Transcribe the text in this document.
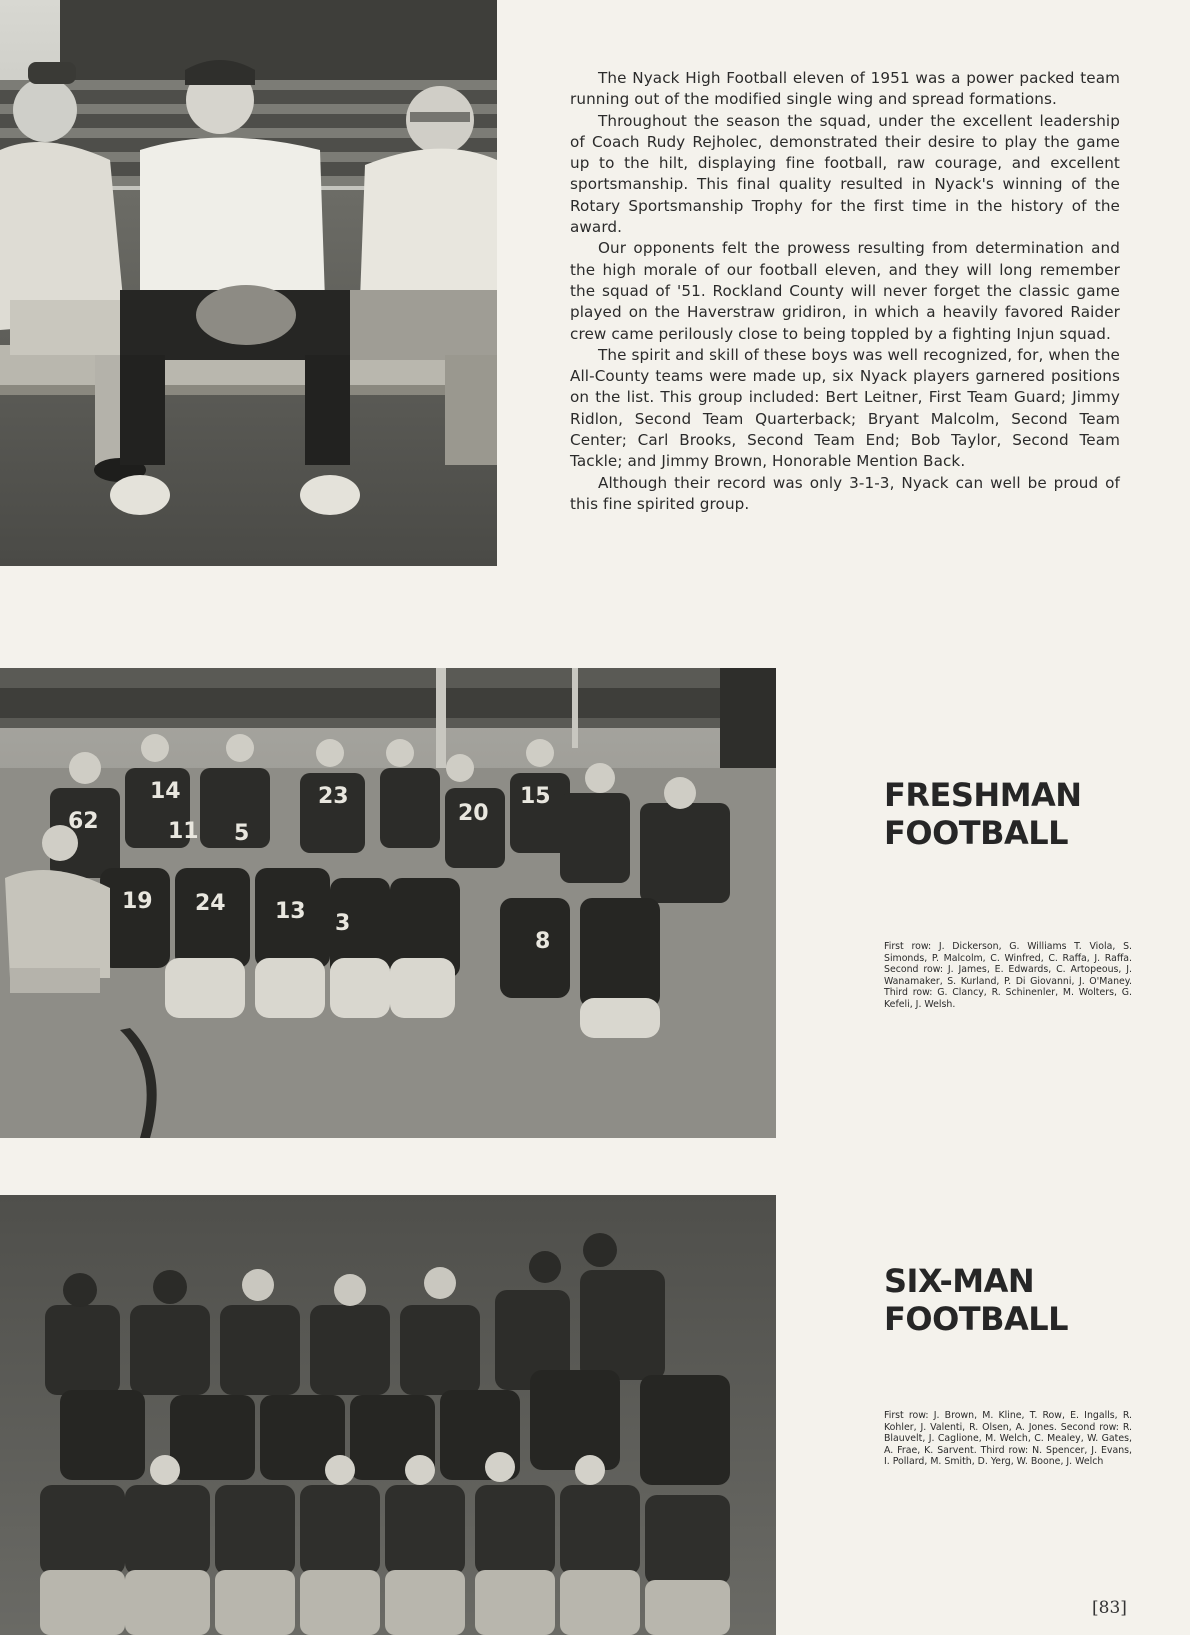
The Nyack High Football eleven of 1951 was a power packed team running out of the modified single wing and spread formations.

Throughout the season the squad, under the excellent leadership of Coach Rudy Rejholec, demonstrated their desire to play the game up to the hilt, displaying fine football, raw courage, and excellent sportsmanship. This final quality resulted in Nyack's winning of the Rotary Sportsmanship Trophy for the first time in the history of the award.

Our opponents felt the prowess resulting from determination and the high morale of our football eleven, and they will long remember the squad of '51. Rockland County will never forget the classic game played on the Haverstraw gridiron, in which a heavily favored Raider crew came perilously close to being toppled by a fighting Injun squad.

The spirit and skill of these boys was well recognized, for, when the All-County teams were made up, six Nyack players garnered positions on the list. This group included: Bert Leitner, First Team Guard; Jimmy Ridlon, Second Team Quarterback; Bryant Malcolm, Second Team Center; Carl Brooks, Second Team End; Bob Taylor, Second Team Tackle; and Jimmy Brown, Honorable Mention Back.

Although their record was only 3-1-3, Nyack can well be proud of this fine spirited group.

62
14	23
20
15
11 5
19 24 13 3
8
FRESHMAN
FOOTBALL

First row: J. Dickerson, G. Williams T. Viola, S. Simonds, P. Malcolm, C. Winfred, C. Raffa, J. Raffa. Second row: J. James, E. Edwards, C. Artopeous, J. Wanamaker, S. Kurland, P. Di Giovanni, J. O'Maney. Third row: G. Clancy, R. Schinenler, M. Wolters, G. Kefeli, J. Welsh.

SIX-MAN
FOOTBALL

First row: J. Brown, M. Kline, T. Row, E. Ingalls, R. Kohler, J. Valenti, R. Olsen, A. Jones. Second row: R. Blauvelt, J. Caglione, M. Welch, C. Mealey, W. Gates, A. Frae, K. Sarvent. Third row: N. Spencer, J. Evans, I. Pollard, M. Smith, D. Yerg, W. Boone, J. Welch

[83]
